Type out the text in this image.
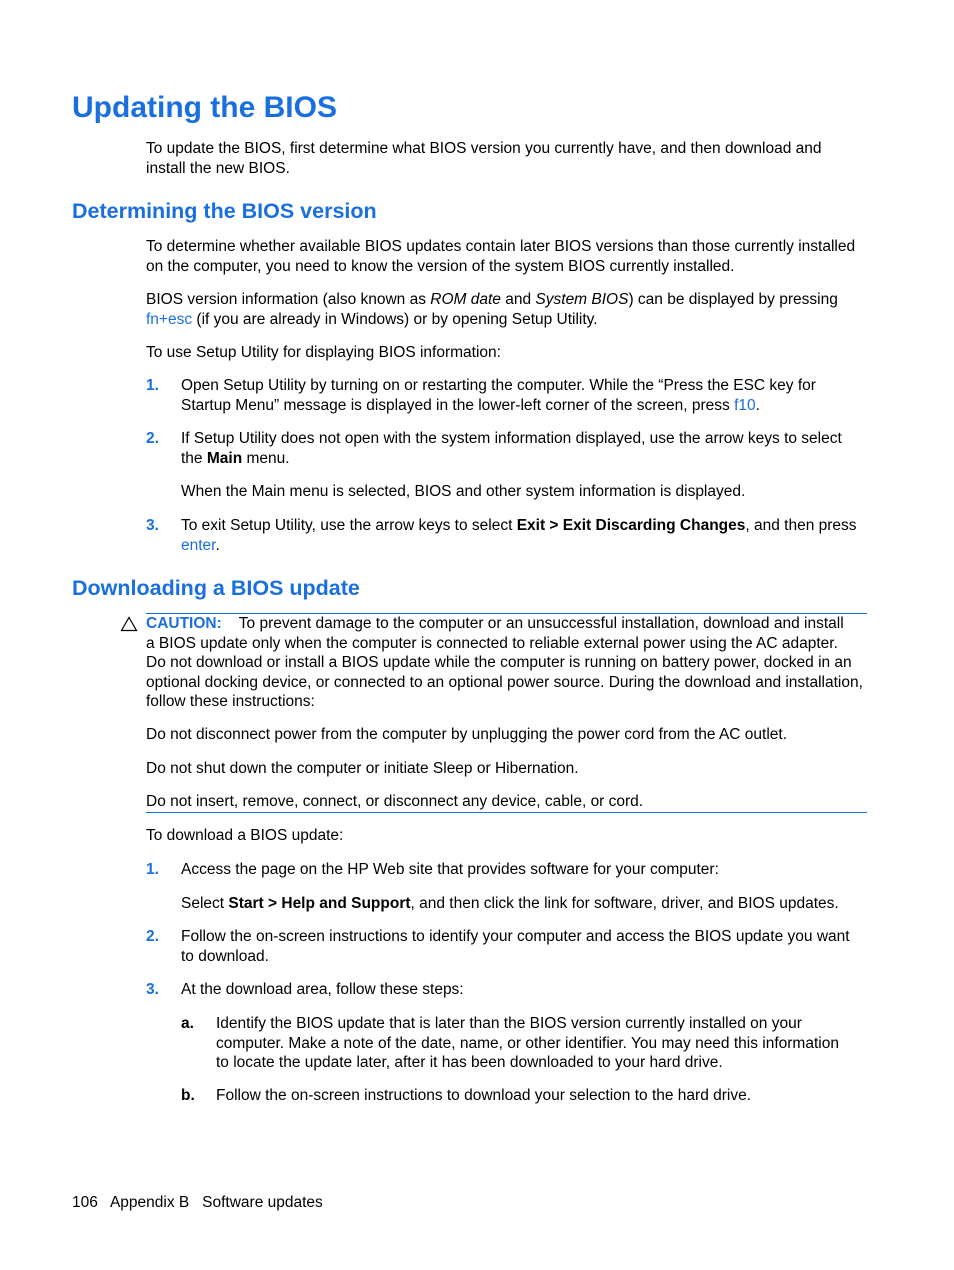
Updating the BIOS
To update the BIOS, first determine what BIOS version you currently have, and then download and
install the new BIOS.
Determining the BIOS version
To determine whether available BIOS updates contain later BIOS versions than those currently installed
on the computer, you need to know the version of the system BIOS currently installed.
BIOS version information (also known as ROM date and System BIOS) can be displayed by pressing
fn+esc (if you are already in Windows) or by opening Setup Utility.
To use Setup Utility for displaying BIOS information:
1. Open Setup Utility by turning on or restarting the computer. While the “Press the ESC key for
Startup Menu” message is displayed in the lower-left corner of the screen, press f10.
2. If Setup Utility does not open with the system information displayed, use the arrow keys to select
the Main menu.
When the Main menu is selected, BIOS and other system information is displayed.
3. To exit Setup Utility, use the arrow keys to select Exit > Exit Discarding Changes, and then press
enter.
Downloading a BIOS update
CAUTION: To prevent damage to the computer or an unsuccessful installation, download and install
a BIOS update only when the computer is connected to reliable external power using the AC adapter.
Do not download or install a BIOS update while the computer is running on battery power, docked in an
optional docking device, or connected to an optional power source. During the download and installation,
follow these instructions:
Do not disconnect power from the computer by unplugging the power cord from the AC outlet.
Do not shut down the computer or initiate Sleep or Hibernation.
Do not insert, remove, connect, or disconnect any device, cable, or cord.
To download a BIOS update:
1. Access the page on the HP Web site that provides software for your computer:
Select Start > Help and Support, and then click the link for software, driver, and BIOS updates.
2. Follow the on-screen instructions to identify your computer and access the BIOS update you want
to download.
3. At the download area, follow these steps:
a. Identify the BIOS update that is later than the BIOS version currently installed on your
computer. Make a note of the date, name, or other identifier. You may need this information
to locate the update later, after it has been downloaded to your hard drive.
b. Follow the on-screen instructions to download your selection to the hard drive.
106 Appendix B Software updates
